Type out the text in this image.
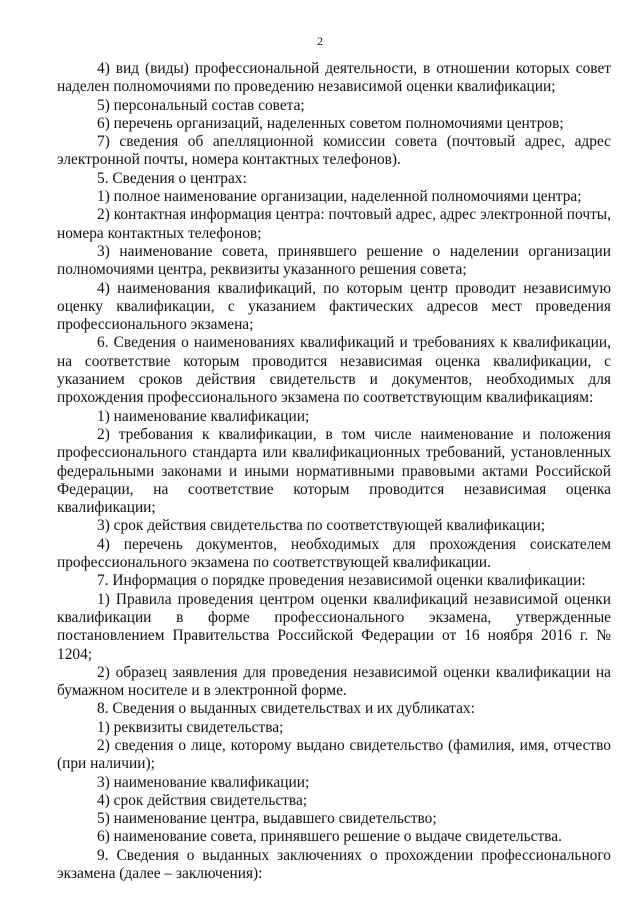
2

4) вид (виды) профессиональной деятельности, в отношении которых совет наделен полномочиями по проведению независимой оценки квалификации;

5) персональный состав совета;

6) перечень организаций, наделенных советом полномочиями центров;

7) сведения об апелляционной комиссии совета (почтовый адрес, адрес электронной почты, номера контактных телефонов).

5. Сведения о центрах:

1) полное наименование организации, наделенной полномочиями центра;

2) контактная информация центра: почтовый адрес, адрес электронной почты, номера контактных телефонов;

3) наименование совета, принявшего решение о наделении организации полномочиями центра, реквизиты указанного решения совета;

4) наименования квалификаций, по которым центр проводит независимую оценку квалификации, с указанием фактических адресов мест проведения профессионального экзамена;

6. Сведения о наименованиях квалификаций и требованиях к квалификации, на соответствие которым проводится независимая оценка квалификации, с указанием сроков действия свидетельств и документов, необходимых для прохождения профессионального экзамена по соответствующим квалификациям:

1) наименование квалификации;

2) требования к квалификации, в том числе наименование и положения профессионального стандарта или квалификационных требований, установленных федеральными законами и иными нормативными правовыми актами Российской Федерации, на соответствие которым проводится независимая оценка квалификации;

3) срок действия свидетельства по соответствующей квалификации;

4) перечень документов, необходимых для прохождения соискателем профессионального экзамена по соответствующей квалификации.

7. Информация о порядке проведения независимой оценки квалификации:

1) Правила проведения центром оценки квалификаций независимой оценки квалификации в форме профессионального экзамена, утвержденные постановлением Правительства Российской Федерации от 16 ноября 2016 г. № 1204;

2) образец заявления для проведения независимой оценки квалификации на бумажном носителе и в электронной форме.

8. Сведения о выданных свидетельствах и их дубликатах:

1) реквизиты свидетельства;

2) сведения о лице, которому выдано свидетельство (фамилия, имя, отчество (при наличии);

3) наименование квалификации;

4) срок действия свидетельства;

5) наименование центра, выдавшего свидетельство;

6) наименование совета, принявшего решение о выдаче свидетельства.

9. Сведения о выданных заключениях о прохождении профессионального экзамена (далее – заключения):
